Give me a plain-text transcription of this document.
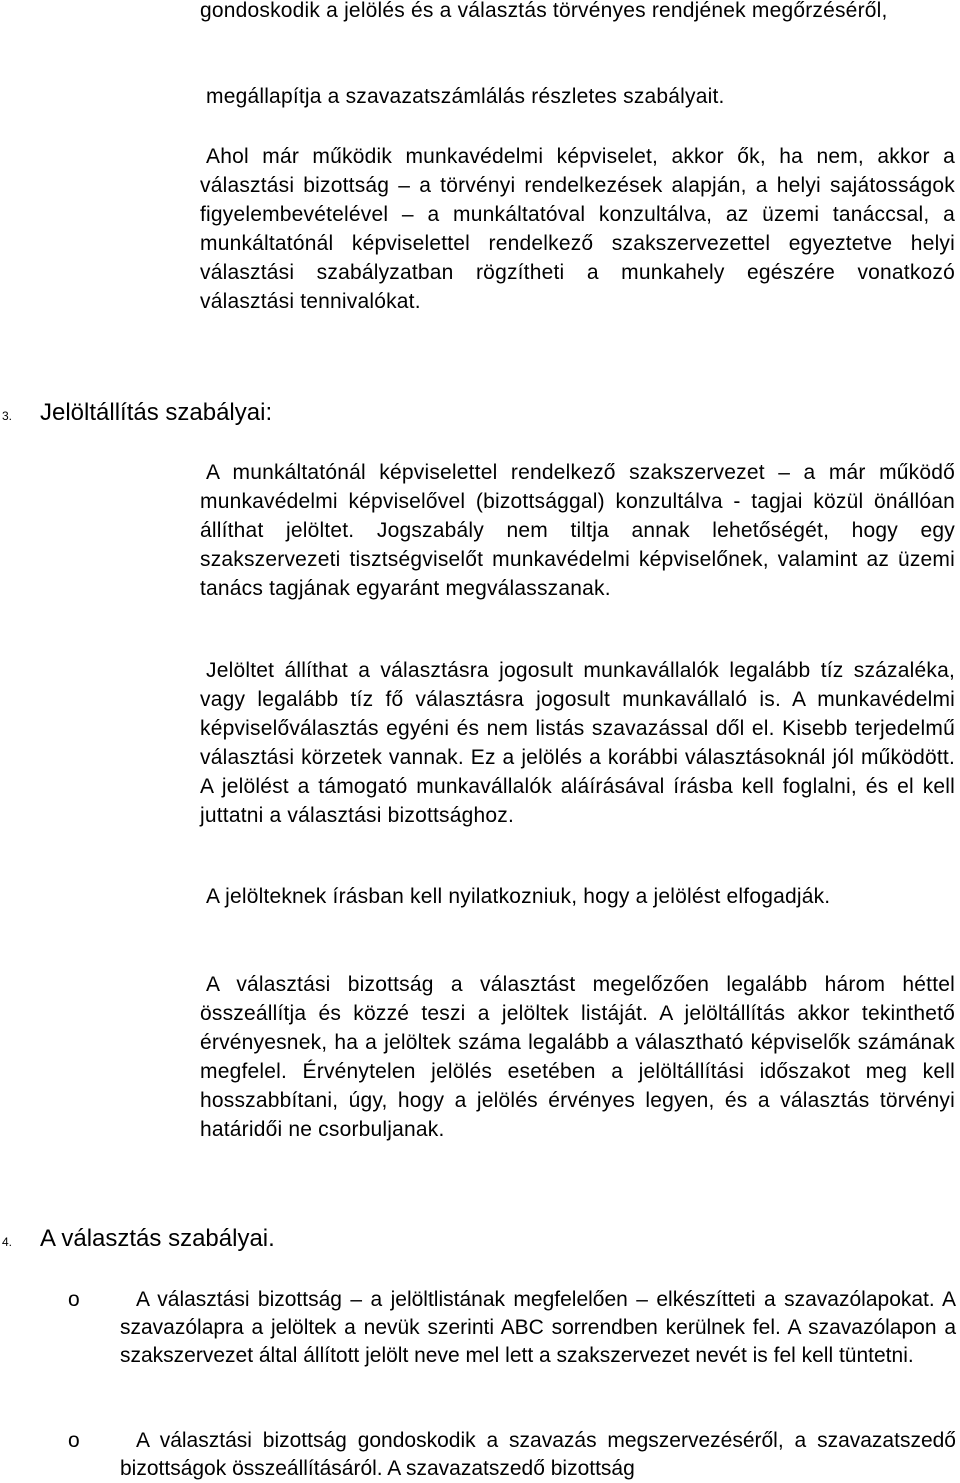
gondoskodik a jelölés és a választás törvényes rendjének megőrzéséről,

megállapítja a szavazatszámlálás részletes szabályait.

Ahol már működik munkavédelmi képviselet, akkor ők, ha nem, akkor a választási bizottság – a törvényi rendelkezések alapján, a helyi sajátosságok figyelembevételével – a munkáltatóval konzultálva, az üzemi tanáccsal, a munkáltatónál képviselettel rendelkező szakszervezettel egyeztetve helyi választási szabályzatban rögzítheti a munkahely egészére vonatkozó választási tennivalókat.

3.	Jelöltállítás szabályai:

A munkáltatónál képviselettel rendelkező szakszervezet – a már működő munkavédelmi képviselővel (bizottsággal) konzultálva - tagjai közül önállóan állíthat jelöltet. Jogszabály nem tiltja annak lehetőségét, hogy egy szakszervezeti tisztségviselőt munkavédelmi képviselőnek, valamint az üzemi tanács tagjának egyaránt megválasszanak.

Jelöltet állíthat a választásra jogosult munkavállalók legalább tíz százaléka, vagy legalább tíz fő választásra jogosult munkavállaló is. A munkavédelmi képviselőválasztás egyéni és nem listás szavazással dől el. Kisebb terjedelmű választási körzetek vannak. Ez a jelölés a korábbi választásoknál jól működött. A jelölést a támogató munkavállalók aláírásával írásba kell foglalni, és el kell juttatni a választási bizottsághoz.

A jelölteknek írásban kell nyilatkozniuk, hogy a jelölést elfogadják.

A választási bizottság a választást megelőzően legalább három héttel összeállítja és közzé teszi a jelöltek listáját. A jelöltállítás akkor tekinthető érvényesnek, ha a jelöltek száma legalább a választható képviselők számának megfelel. Érvénytelen jelölés esetében a jelöltállítási időszakot meg kell hosszabbítani, úgy, hogy a jelölés érvényes legyen, és a választás törvényi határidői ne csorbuljanak.

4.	A választás szabályai.
o	A választási bizottság – a jelöltlistának megfelelően – elkészítteti a szavazólapokat. A szavazólapra a jelöltek a nevük szerinti ABC sorrendben kerülnek fel. A szavazólapon a szakszervezet által állított jelölt neve mel lett a szakszervezet nevét is fel kell tüntetni.

o	A választási bizottság gondoskodik a szavazás megszervezéséről, a szavazatszedő bizottságok összeállításáról. A szavazatszedő bizottság
